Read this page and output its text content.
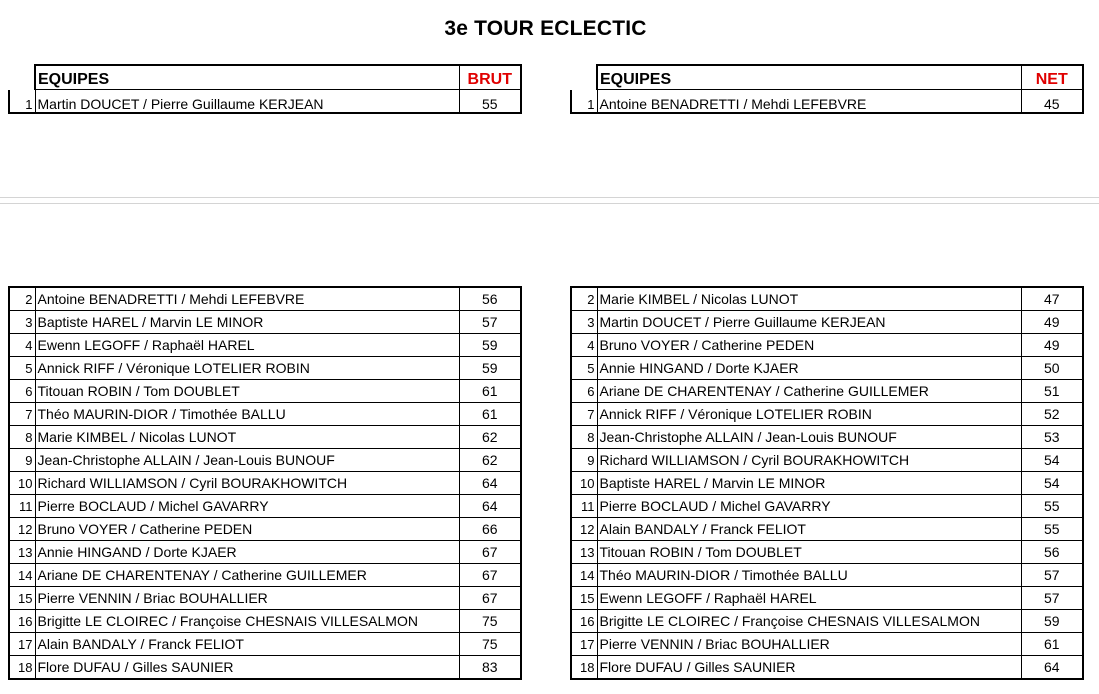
3e TOUR ECLECTIC
	EQUIPES	BRUT
1	Martin DOUCET / Pierre Guillaume KERJEAN	55
	EQUIPES	NET
1	Antoine BENADRETTI / Mehdi LEFEBVRE	45
2	Antoine BENADRETTI / Mehdi LEFEBVRE	56
3	Baptiste HAREL / Marvin LE MINOR	57
4	Ewenn LEGOFF / Raphaël HAREL	59
5	Annick RIFF / Véronique LOTELIER ROBIN	59
6	Titouan ROBIN / Tom DOUBLET	61
7	Théo MAURIN-DIOR / Timothée BALLU	61
8	Marie KIMBEL / Nicolas LUNOT	62
9	Jean-Christophe ALLAIN / Jean-Louis BUNOUF	62
10	Richard WILLIAMSON / Cyril BOURAKHOWITCH	64
11	Pierre BOCLAUD / Michel GAVARRY	64
12	Bruno VOYER / Catherine PEDEN	66
13	Annie HINGAND / Dorte KJAER	67
14	Ariane DE CHARENTENAY / Catherine GUILLEMER	67
15	Pierre VENNIN / Briac BOUHALLIER	67
16	Brigitte LE CLOIREC / Françoise CHESNAIS VILLESALMON	75
17	Alain BANDALY / Franck FELIOT	75
18	Flore DUFAU / Gilles SAUNIER	83
2	Marie KIMBEL / Nicolas LUNOT	47
3	Martin DOUCET / Pierre Guillaume KERJEAN	49
4	Bruno VOYER / Catherine PEDEN	49
5	Annie HINGAND / Dorte KJAER	50
6	Ariane DE CHARENTENAY / Catherine GUILLEMER	51
7	Annick RIFF / Véronique LOTELIER ROBIN	52
8	Jean-Christophe ALLAIN / Jean-Louis BUNOUF	53
9	Richard WILLIAMSON / Cyril BOURAKHOWITCH	54
10	Baptiste HAREL / Marvin LE MINOR	54
11	Pierre BOCLAUD / Michel GAVARRY	55
12	Alain BANDALY / Franck FELIOT	55
13	Titouan ROBIN / Tom DOUBLET	56
14	Théo MAURIN-DIOR / Timothée BALLU	57
15	Ewenn LEGOFF / Raphaël HAREL	57
16	Brigitte LE CLOIREC / Françoise CHESNAIS VILLESALMON	59
17	Pierre VENNIN / Briac BOUHALLIER	61
18	Flore DUFAU / Gilles SAUNIER	64
